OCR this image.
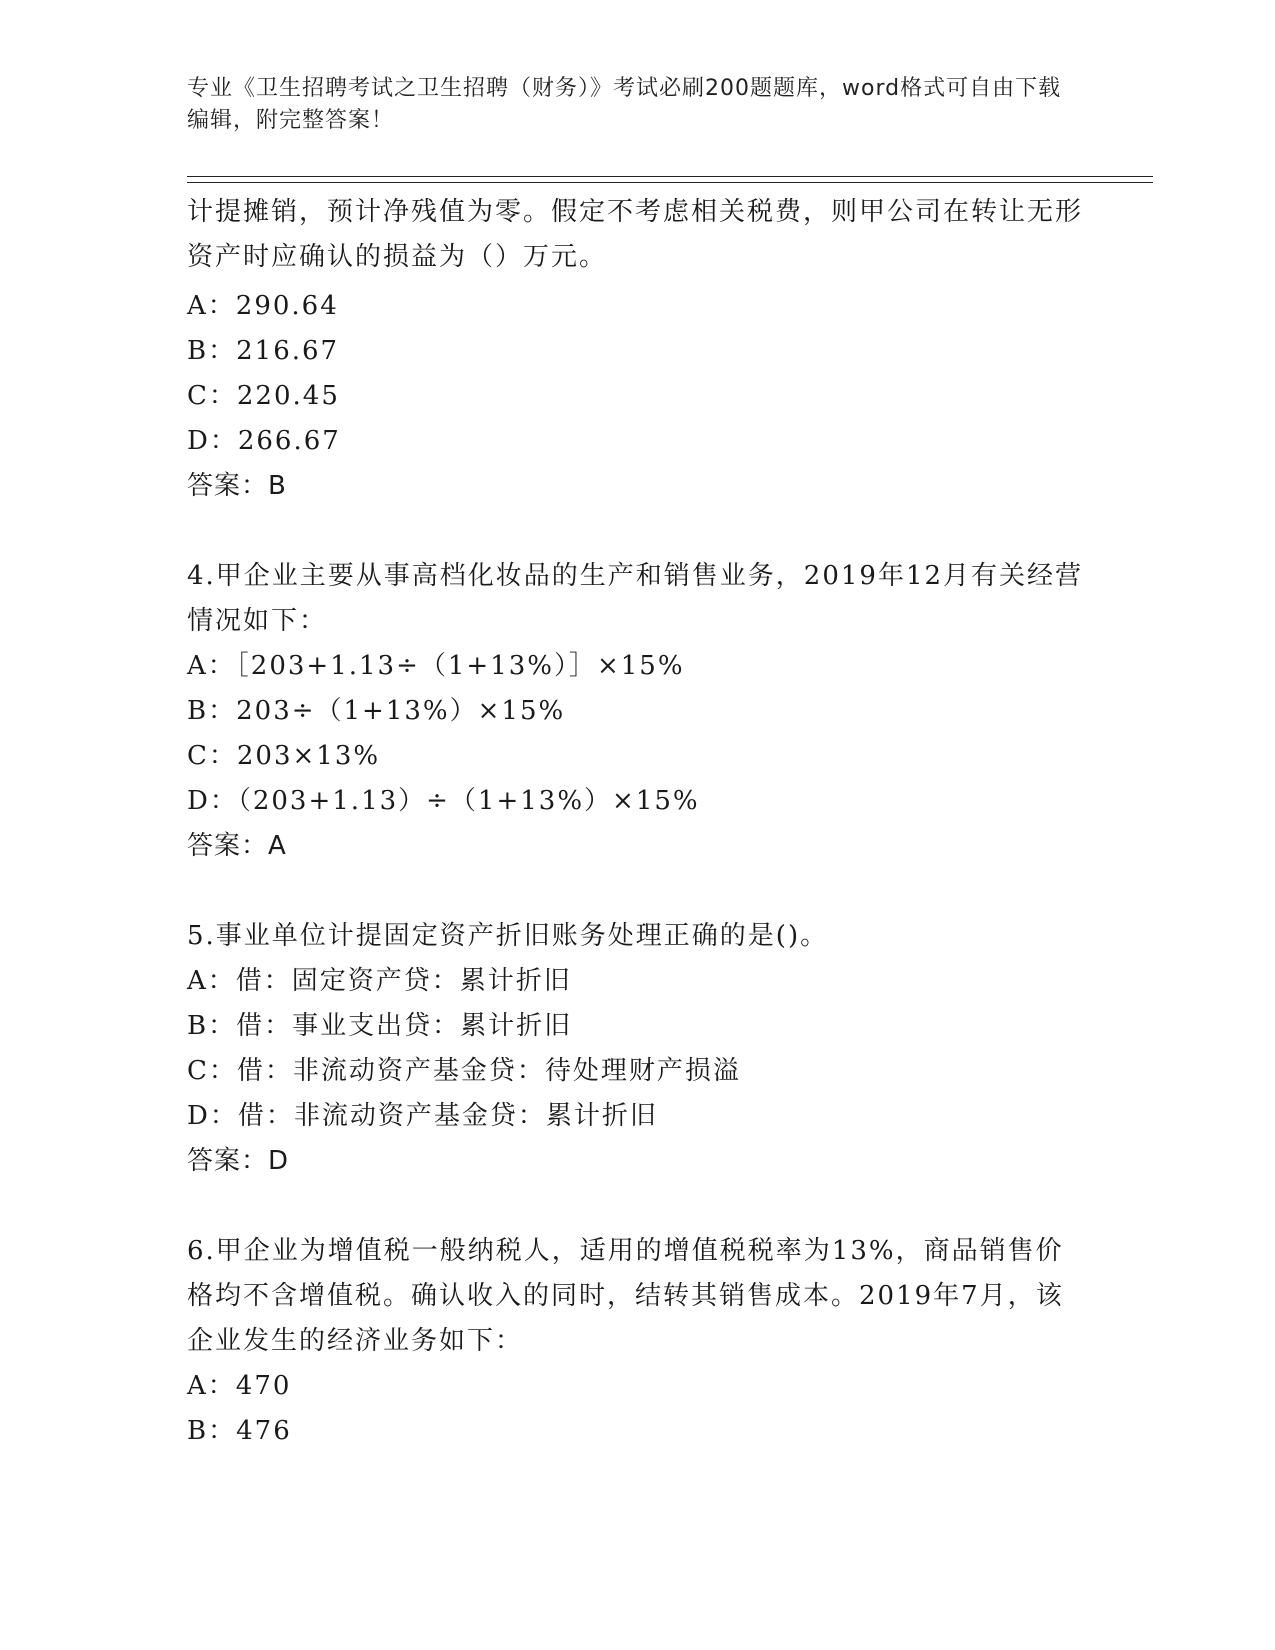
专业《卫生招聘考试之卫生招聘（财务）》考试必刷200题题库，word格式可自由下载编辑，附完整答案！

计提摊销，预计净残值为零。假定不考虑相关税费，则甲公司在转让无形资产时应确认的损益为（）万元。

A：290.64

B：216.67

C：220.45

D：266.67

答案：B

4.甲企业主要从事高档化妆品的生产和销售业务，2019年12月有关经营情况如下：

A：［203+1.13÷（1+13%）］×15%

B：203÷（1+13%）×15%

C：203×13%

D：（203+1.13）÷（1+13%）×15%

答案：A

5.事业单位计提固定资产折旧账务处理正确的是()。

A：借：固定资产贷：累计折旧

B：借：事业支出贷：累计折旧

C：借：非流动资产基金贷：待处理财产损溢

D：借：非流动资产基金贷：累计折旧

答案：D

6.甲企业为增值税一般纳税人，适用的增值税税率为13%，商品销售价格均不含增值税。确认收入的同时，结转其销售成本。2019年7月，该企业发生的经济业务如下：

A：470

B：476
